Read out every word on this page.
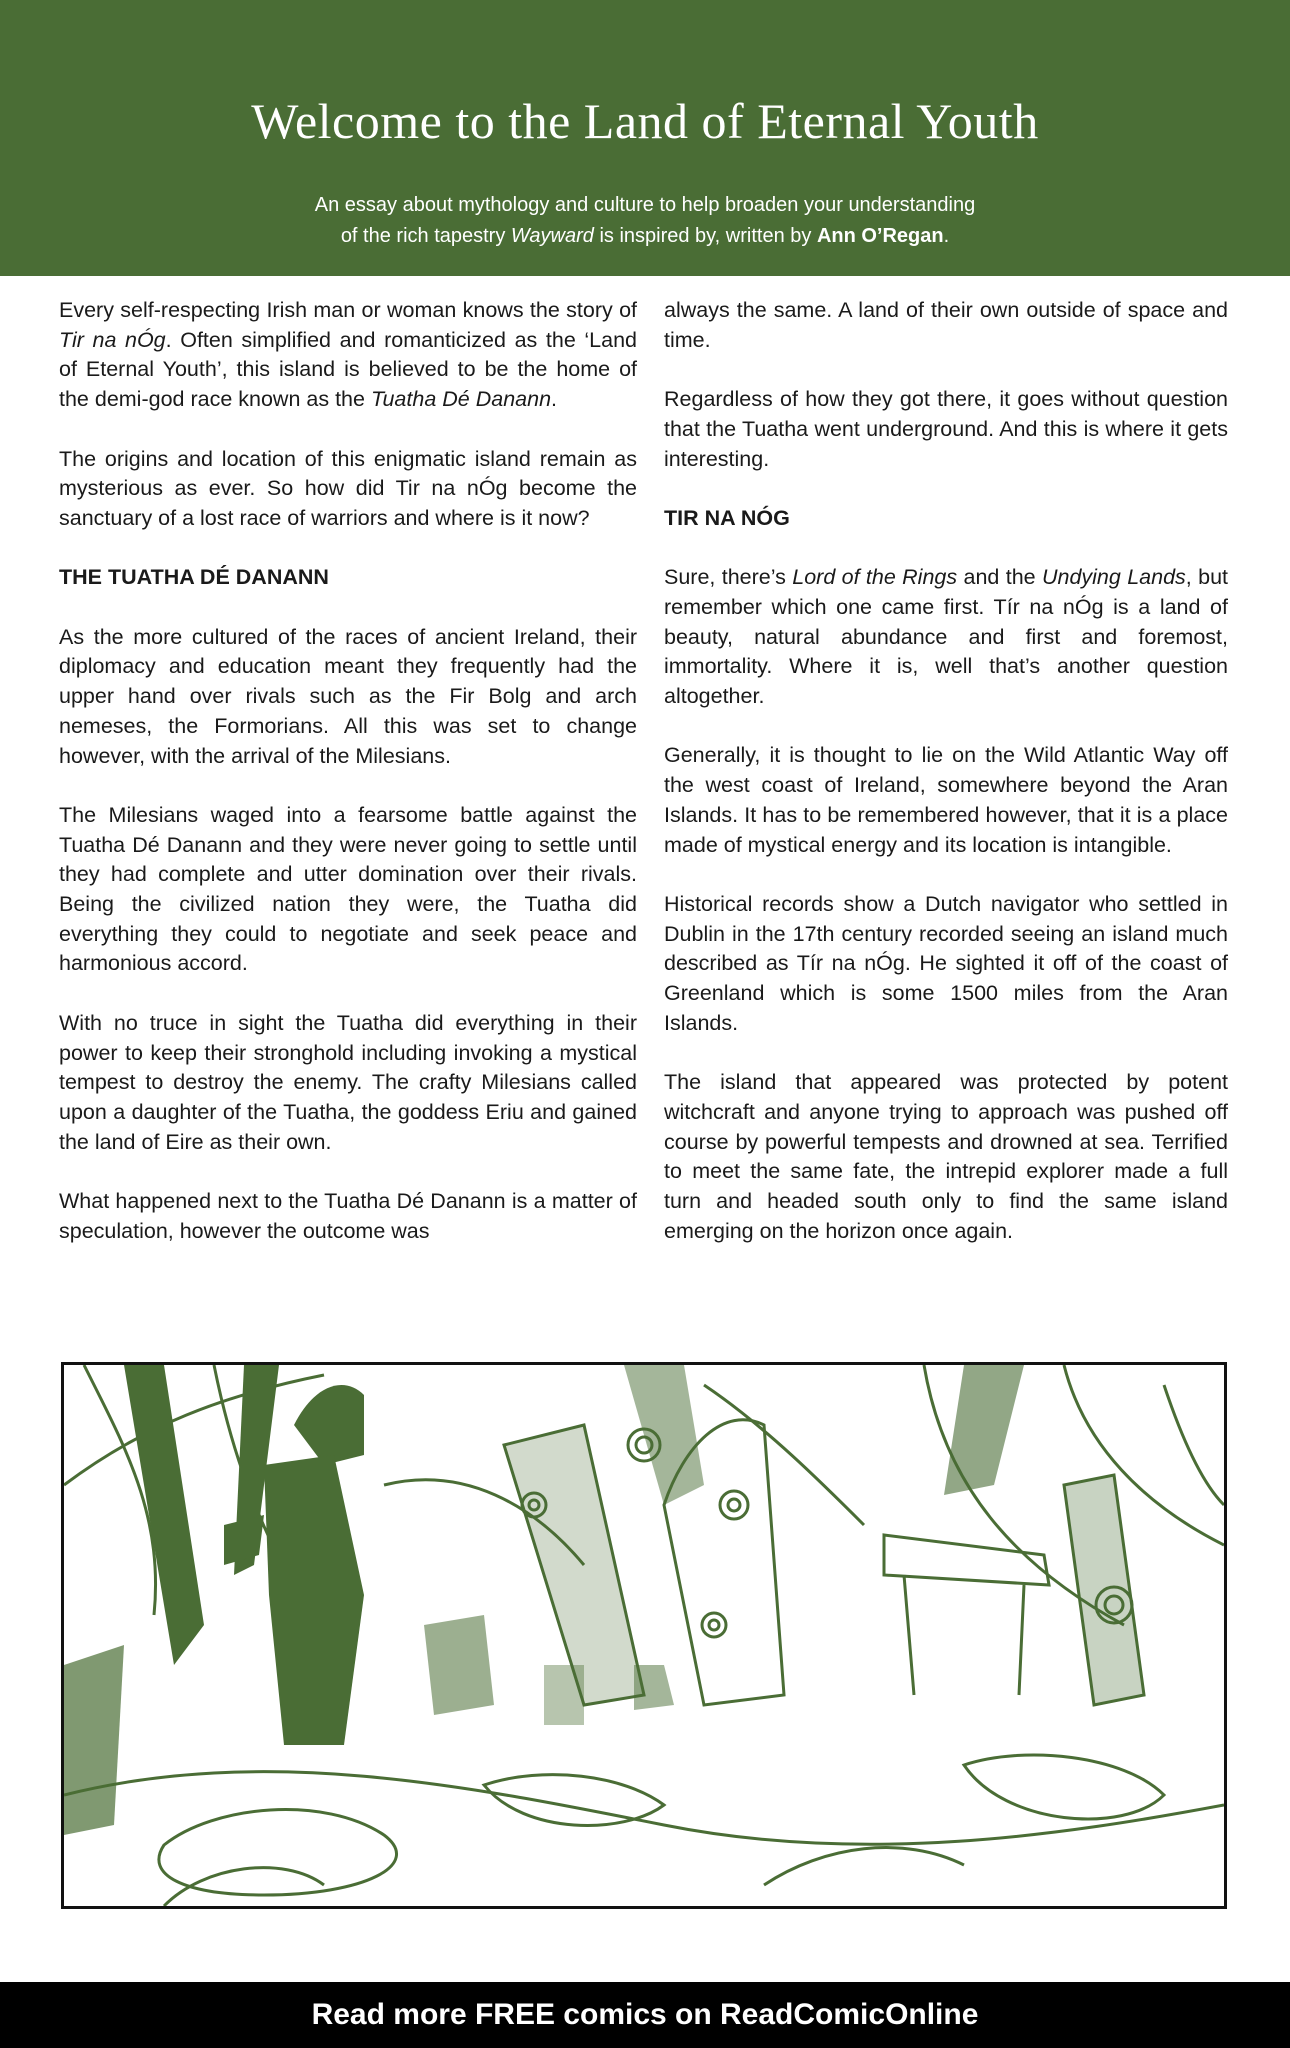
Welcome to the Land of Eternal Youth
An essay about mythology and culture to help broaden your understanding
of the rich tapestry Wayward is inspired by, written by Ann O’Regan.

Every self-respecting Irish man or woman knows the story of Tir na nÓg. Often simplified and romanticized as the ‘Land of Eternal Youth’, this island is believed to be the home of the demi-god race known as the Tuatha Dé Danann.

The origins and location of this enigmatic island remain as mysterious as ever. So how did Tir na nÓg become the sanctuary of a lost race of warriors and where is it now?

THE TUATHA DÉ DANANN

As the more cultured of the races of ancient Ireland, their diplomacy and education meant they frequently had the upper hand over rivals such as the Fir Bolg and arch nemeses, the Formorians. All this was set to change however, with the arrival of the Milesians.

The Milesians waged into a fearsome battle against the Tuatha Dé Danann and they were never going to settle until they had complete and utter domination over their rivals. Being the civilized nation they were, the Tuatha did everything they could to negotiate and seek peace and harmonious accord.

With no truce in sight the Tuatha did everything in their power to keep their stronghold including invoking a mystical tempest to destroy the enemy. The crafty Milesians called upon a daughter of the Tuatha, the goddess Eriu and gained the land of Eire as their own.

What happened next to the Tuatha Dé Danann is a matter of speculation, however the outcome was

always the same. A land of their own outside of space and time.

Regardless of how they got there, it goes without question that the Tuatha went underground. And this is where it gets interesting.

TIR NA NÓG

Sure, there’s Lord of the Rings and the Undying Lands, but remember which one came first. Tír na nÓg is a land of beauty, natural abundance and first and foremost, immortality. Where it is, well that’s another question altogether.

Generally, it is thought to lie on the Wild Atlantic Way off the west coast of Ireland, somewhere beyond the Aran Islands. It has to be remembered however, that it is a place made of mystical energy and its location is intangible.

Historical records show a Dutch navigator who settled in Dublin in the 17th century recorded seeing an island much described as Tír na nÓg. He sighted it off of the coast of Greenland which is some 1500 miles from the Aran Islands.

The island that appeared was protected by potent witchcraft and anyone trying to approach was pushed off course by powerful tempests and drowned at sea. Terrified to meet the same fate, the intrepid explorer made a full turn and headed south only to find the same island emerging on the horizon once again.

Read more FREE comics on ReadComicOnline
